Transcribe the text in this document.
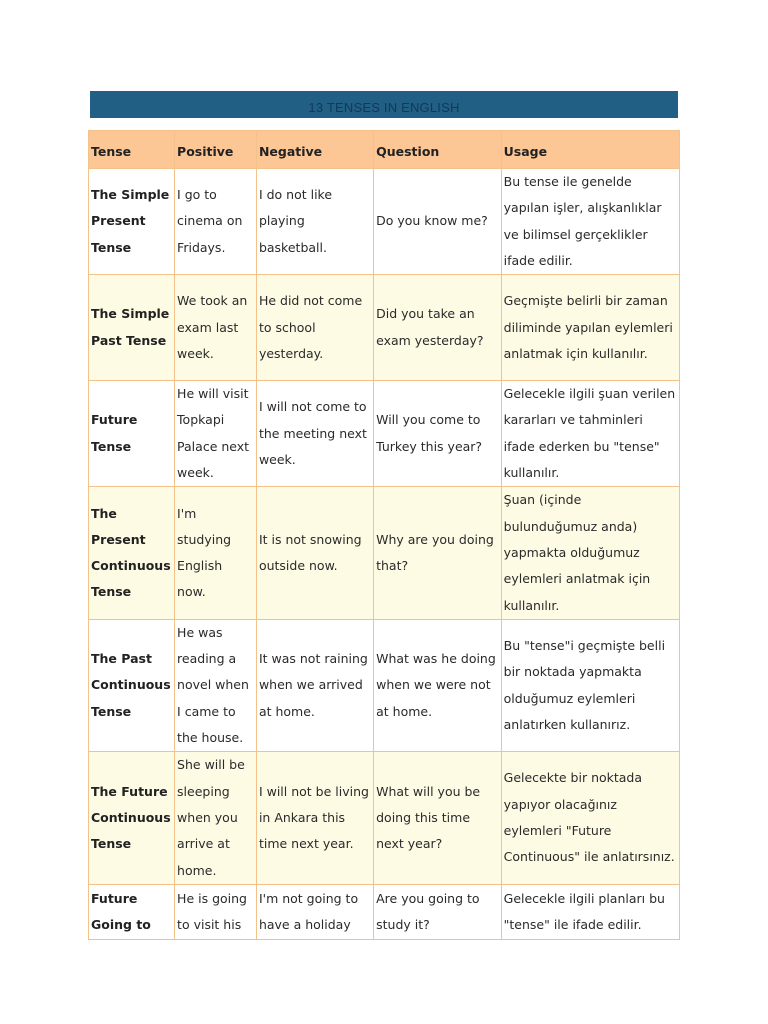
13 TENSES IN ENGLISH
Tense	Positive	Negative	Question	Usage
The Simple Present Tense	I go to cinema on Fridays.	I do not like playing basketball.	Do you know me?	Bu tense ile genelde yapılan işler, alışkanlıklar ve bilimsel gerçeklikler ifade edilir.
The Simple Past Tense	We took an exam last week.	He did not come to school yesterday.	Did you take an exam yesterday?	Geçmişte belirli bir zaman diliminde yapılan eylemleri anlatmak için kullanılır.
Future Tense	He will visit Topkapi Palace next week.	I will not come to the meeting next week.	Will you come to Turkey this year?	Gelecekle ilgili şuan verilen kararları ve tahminleri ifade ederken bu "tense" kullanılır.
The Present Continuous Tense	I'm studying English now.	It is not snowing outside now.	Why are you doing that?	Şuan (içinde bulunduğumuz anda) yapmakta olduğumuz eylemleri anlatmak için kullanılır.
The Past Continuous Tense	He was reading a novel when I came to the house.	It was not raining when we arrived at home.	What was he doing when we were not at home.	Bu "tense"i geçmişte belli bir noktada yapmakta olduğumuz eylemleri anlatırken kullanırız.
The Future Continuous Tense	She will be sleeping when you arrive at home.	I will not be living in Ankara this time next year.	What will you be doing this time next year?	Gelecekte bir noktada yapıyor olacağınız eylemleri "Future Continuous" ile anlatırsınız.
Future Going to	He is going to visit his	I'm not going to have a holiday	Are you going to study it?	Gelecekle ilgili planları bu "tense" ile ifade edilir.
